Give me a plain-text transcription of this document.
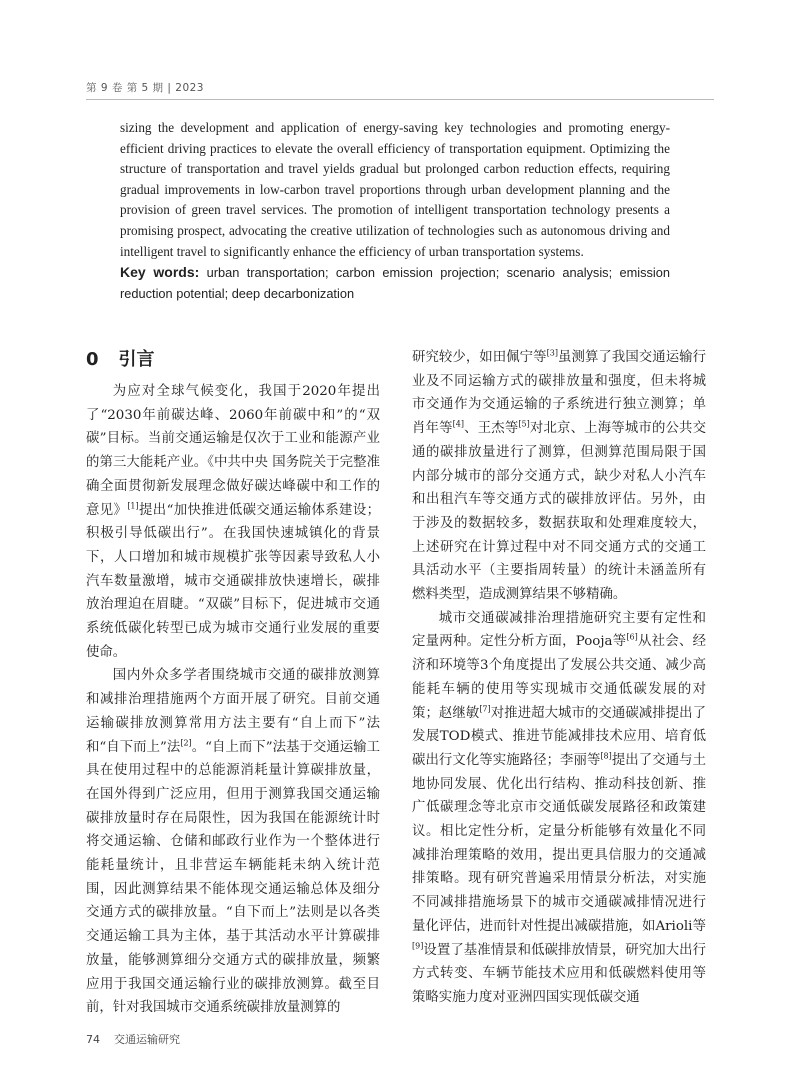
第 9 卷 第 5 期 | 2023

sizing the development and application of energy-saving key technologies and promoting energy-efficient driving practices to elevate the overall efficiency of transportation equipment. Optimizing the structure of transportation and travel yields gradual but prolonged carbon reduction effects, requiring gradual improvements in low-carbon travel proportions through urban development planning and the provision of green travel services. The promotion of intelligent transportation technology presents a promising prospect, advocating the creative utilization of technologies such as autonomous driving and intelligent travel to significantly enhance the efficiency of urban transportation systems.

Key words: urban transportation; carbon emission projection; scenario analysis; emission reduction potential; deep decarbonization

0 引言

为应对全球气候变化，我国于2020年提出了“2030年前碳达峰、2060年前碳中和”的“双碳”目标。当前交通运输是仅次于工业和能源产业的第三大能耗产业。《中共中央 国务院关于完整准确全面贯彻新发展理念做好碳达峰碳中和工作的意见》[1]提出“加快推进低碳交通运输体系建设；积极引导低碳出行”。在我国快速城镇化的背景下，人口增加和城市规模扩张等因素导致私人小汽车数量激增，城市交通碳排放快速增长，碳排放治理迫在眉睫。“双碳”目标下，促进城市交通系统低碳化转型已成为城市交通行业发展的重要使命。

国内外众多学者围绕城市交通的碳排放测算和减排治理措施两个方面开展了研究。目前交通运输碳排放测算常用方法主要有“自上而下”法和“自下而上”法[2]。“自上而下”法基于交通运输工具在使用过程中的总能源消耗量计算碳排放量，在国外得到广泛应用，但用于测算我国交通运输碳排放量时存在局限性，因为我国在能源统计时将交通运输、仓储和邮政行业作为一个整体进行能耗量统计，且非营运车辆能耗未纳入统计范围，因此测算结果不能体现交通运输总体及细分交通方式的碳排放量。“自下而上”法则是以各类交通运输工具为主体，基于其活动水平计算碳排放量，能够测算细分交通方式的碳排放量，频繁应用于我国交通运输行业的碳排放测算。截至目前，针对我国城市交通系统碳排放量测算的

研究较少，如田佩宁等[3]虽测算了我国交通运输行业及不同运输方式的碳排放量和强度，但未将城市交通作为交通运输的子系统进行独立测算；单肖年等[4]、王杰等[5]对北京、上海等城市的公共交通的碳排放量进行了测算，但测算范围局限于国内部分城市的部分交通方式，缺少对私人小汽车和出租汽车等交通方式的碳排放评估。另外，由于涉及的数据较多，数据获取和处理难度较大，上述研究在计算过程中对不同交通方式的交通工具活动水平（主要指周转量）的统计未涵盖所有燃料类型，造成测算结果不够精确。

城市交通碳减排治理措施研究主要有定性和定量两种。定性分析方面，Pooja等[6]从社会、经济和环境等3个角度提出了发展公共交通、减少高能耗车辆的使用等实现城市交通低碳发展的对策；赵继敏[7]对推进超大城市的交通碳减排提出了发展TOD模式、推进节能减排技术应用、培育低碳出行文化等实施路径；李丽等[8]提出了交通与土地协同发展、优化出行结构、推动科技创新、推广低碳理念等北京市交通低碳发展路径和政策建议。相比定性分析，定量分析能够有效量化不同减排治理策略的效用，提出更具信服力的交通减排策略。现有研究普遍采用情景分析法，对实施不同减排措施场景下的城市交通碳减排情况进行量化评估，进而针对性提出减碳措施，如Arioli等[9]设置了基准情景和低碳排放情景，研究加大出行方式转变、车辆节能技术应用和低碳燃料使用等策略实施力度对亚洲四国实现低碳交通

74 交通运输研究
